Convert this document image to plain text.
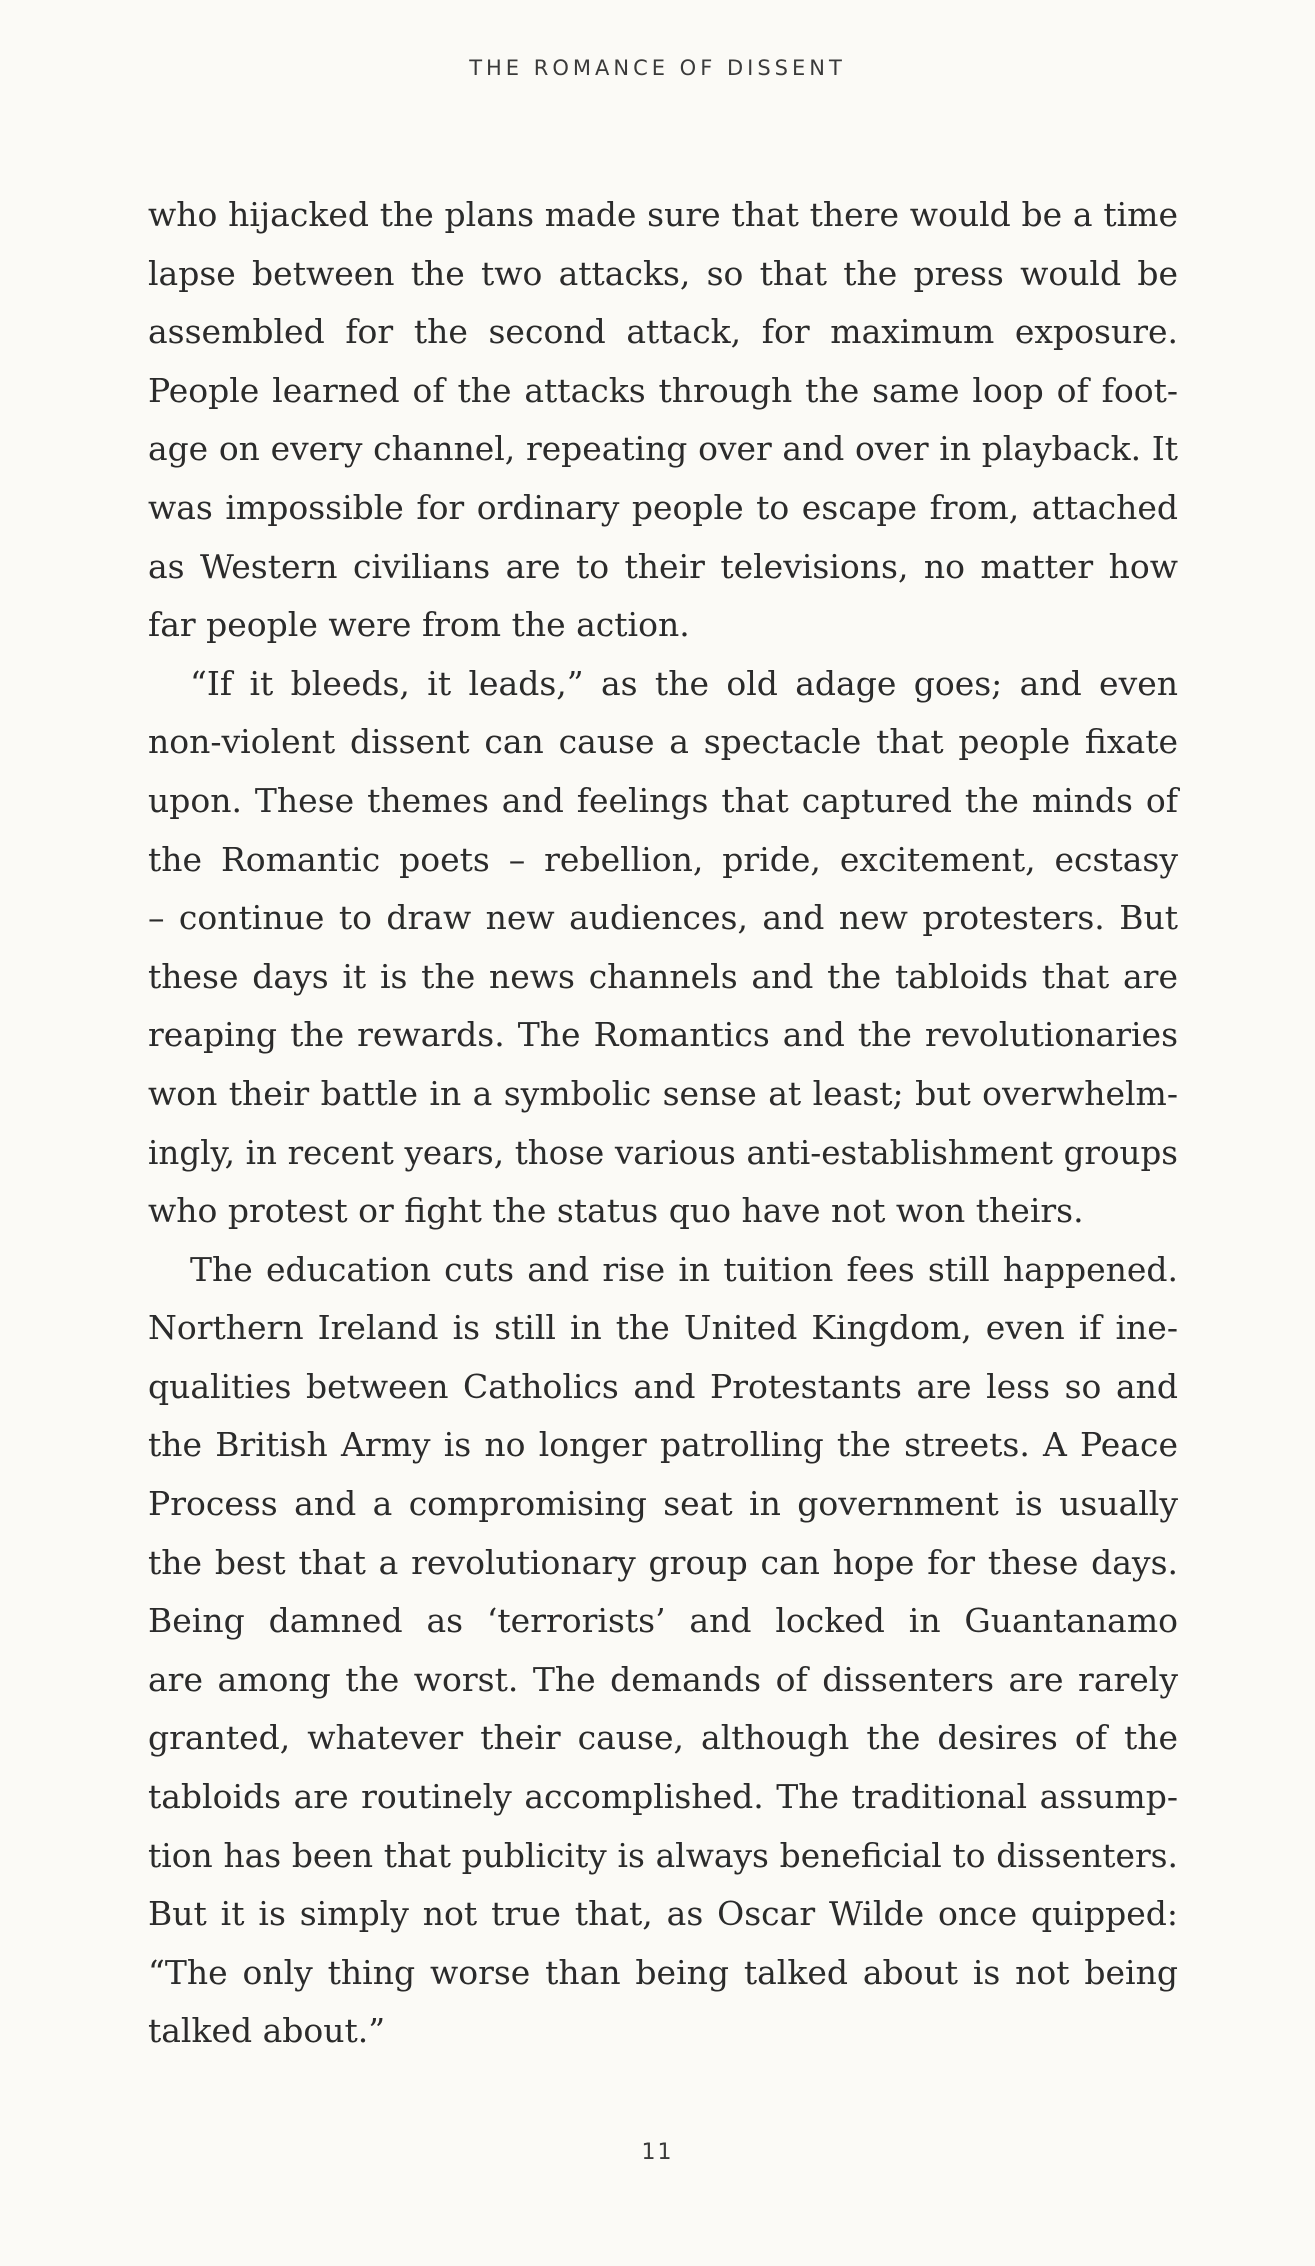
THE ROMANCE OF DISSENT
who hijacked the plans made sure that there would be a time
lapse between the two attacks, so that the press would be
assembled for the second attack, for maximum exposure.
People learned of the attacks through the same loop of foot-
age on every channel, repeating over and over in playback. It
was impossible for ordinary people to escape from, attached
as Western civilians are to their televisions, no matter how
far people were from the action.
“If it bleeds, it leads,” as the old adage goes; and even
non-violent dissent can cause a spectacle that people fixate
upon. These themes and feelings that captured the minds of
the Romantic poets – rebellion, pride, excitement, ecstasy
– continue to draw new audiences, and new protesters. But
these days it is the news channels and the tabloids that are
reaping the rewards. The Romantics and the revolutionaries
won their battle in a symbolic sense at least; but overwhelm-
ingly, in recent years, those various anti-establishment groups
who protest or fight the status quo have not won theirs.
The education cuts and rise in tuition fees still happened.
Northern Ireland is still in the United Kingdom, even if ine-
qualities between Catholics and Protestants are less so and
the British Army is no longer patrolling the streets. A Peace
Process and a compromising seat in government is usually
the best that a revolutionary group can hope for these days.
Being damned as ‘terrorists’ and locked in Guantanamo
are among the worst. The demands of dissenters are rarely
granted, whatever their cause, although the desires of the
tabloids are routinely accomplished. The traditional assump-
tion has been that publicity is always beneficial to dissenters.
But it is simply not true that, as Oscar Wilde once quipped:
“The only thing worse than being talked about is not being
talked about.”
11
